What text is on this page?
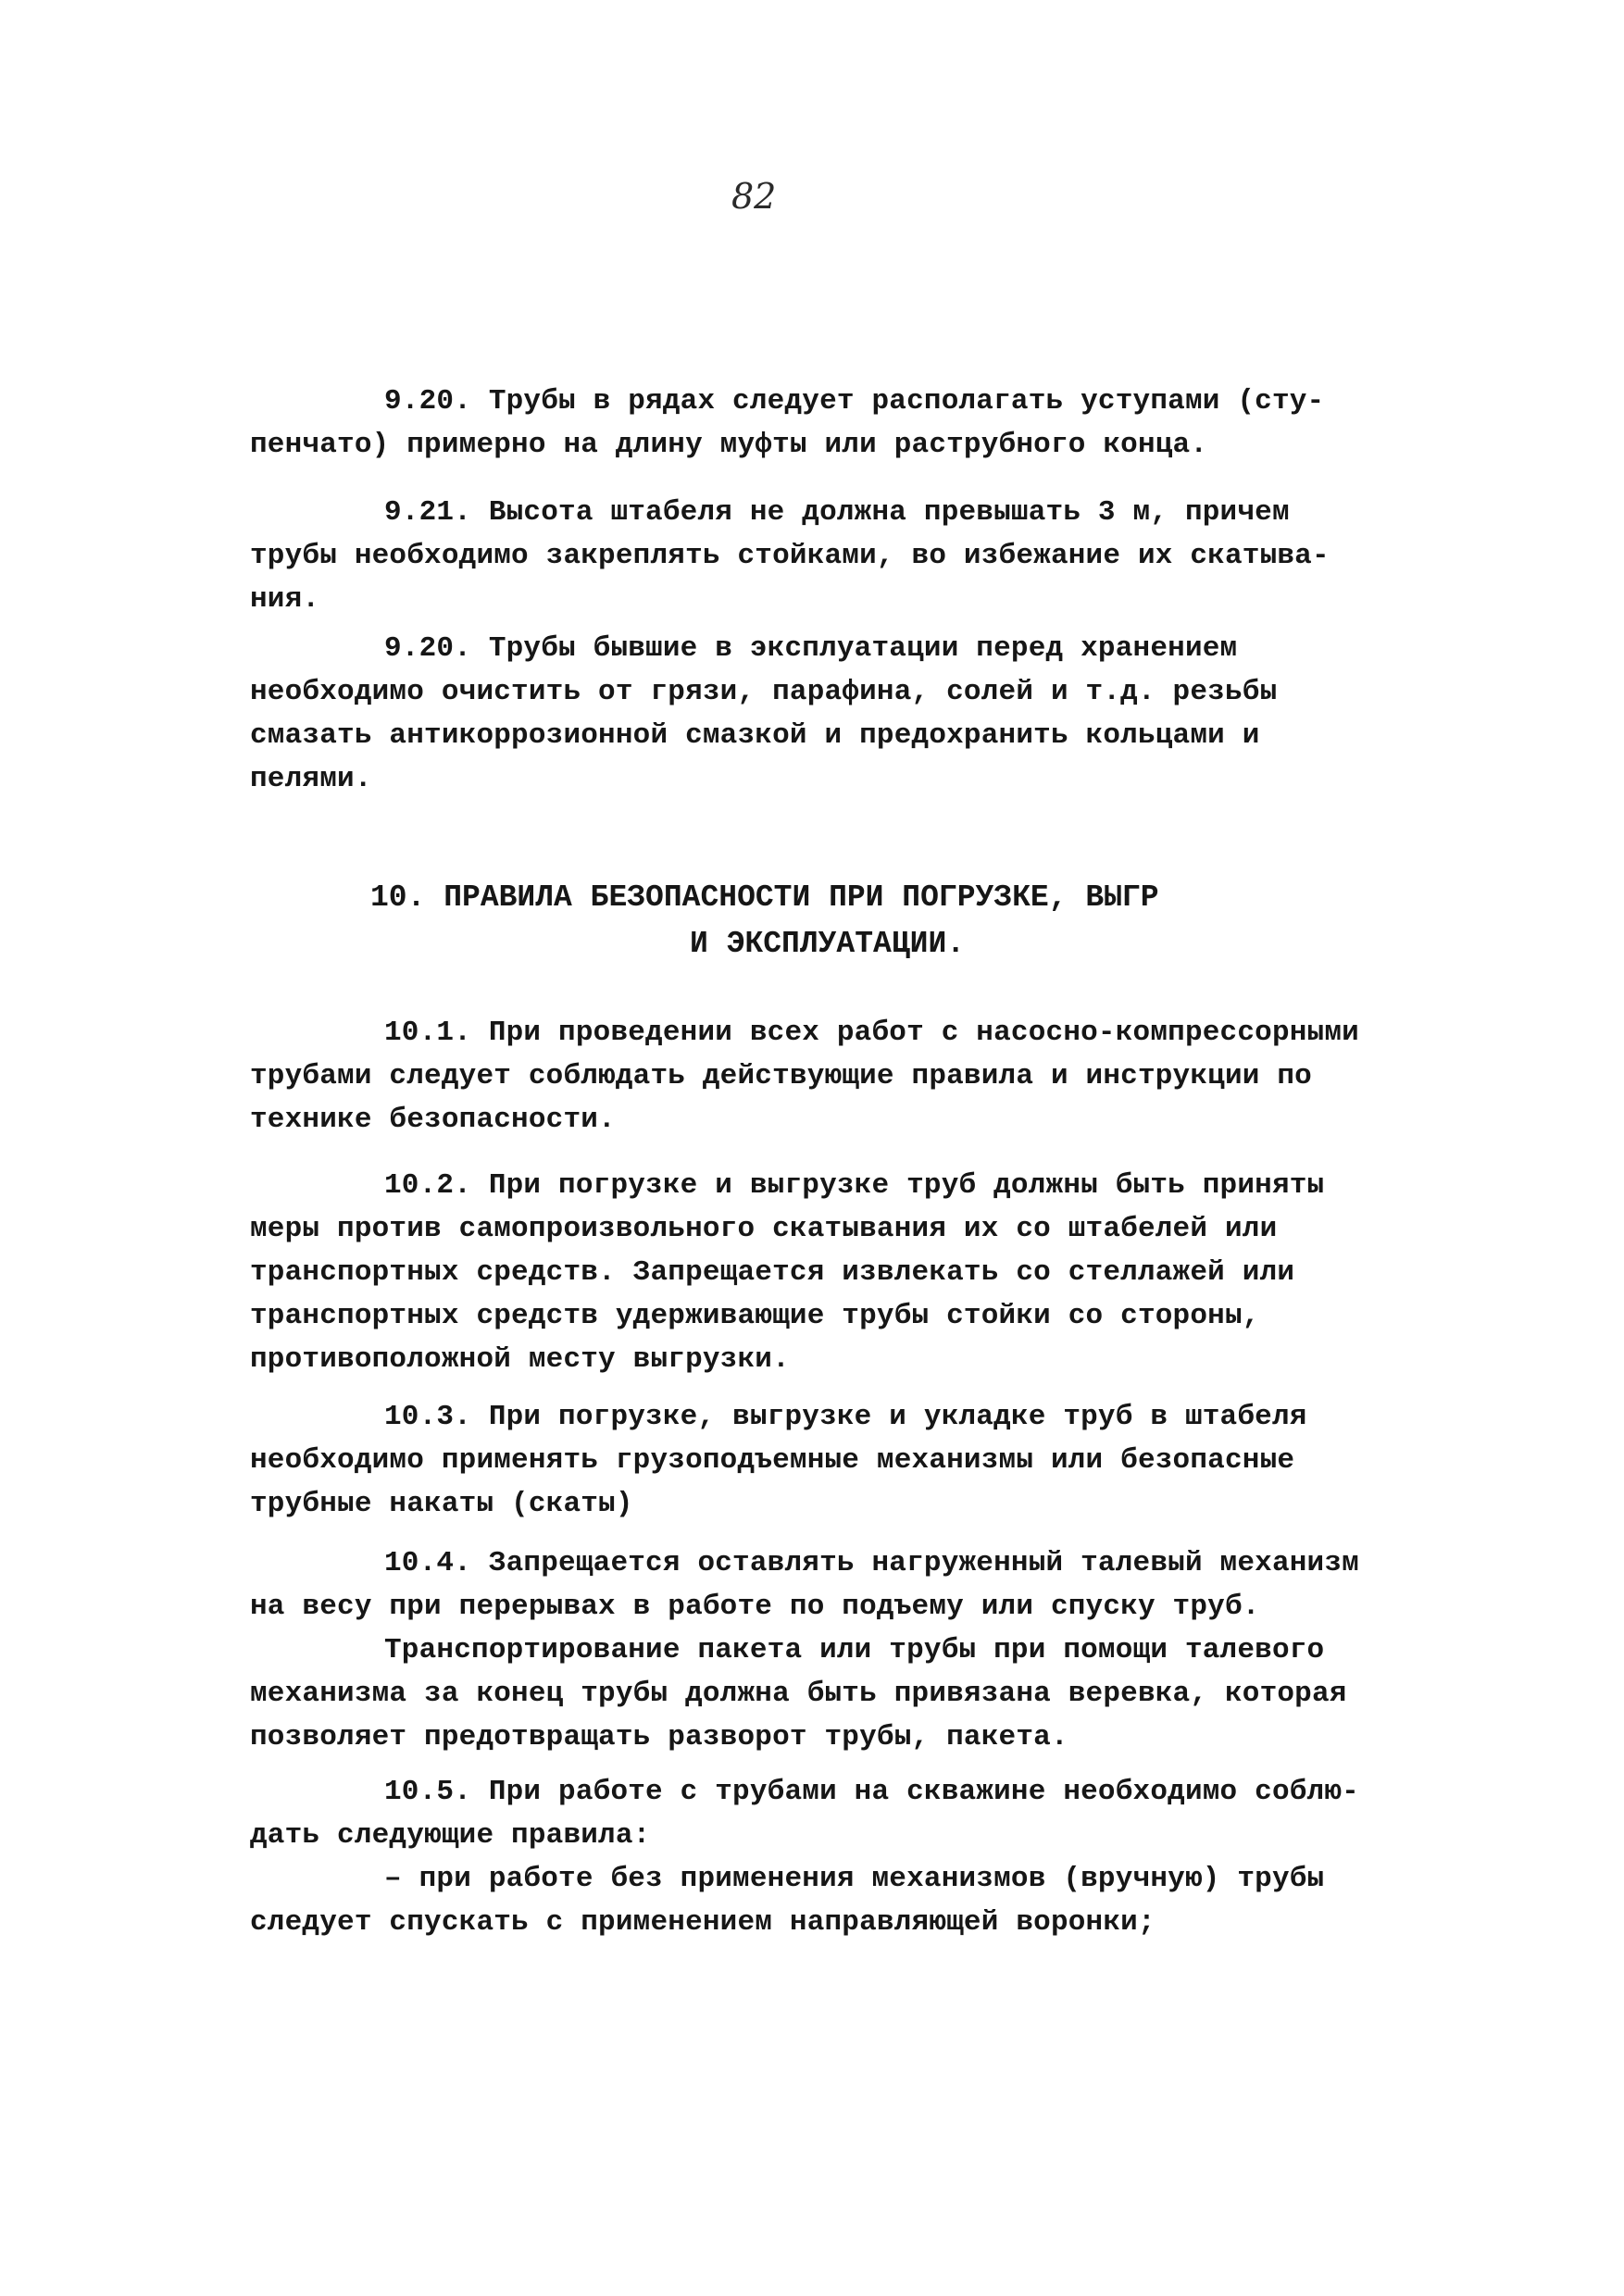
82
9.20. Трубы в рядах следует располагать уступами (сту-
пенчато) примерно на длину муфты или раструбного конца.
9.21. Высота штабеля не должна превышать 3 м, причем
трубы необходимо закреплять стойками, во избежание их скатыва-
ния.
9.20. Трубы бывшие в эксплуатации перед хранением
необходимо очистить от грязи, парафина, солей и т.д. резьбы
смазать антикоррозионной смазкой и предохранить кольцами и
пелями.
10. ПРАВИЛА БЕЗОПАСНОСТИ ПРИ ПОГРУЗКЕ, ВЫГР
И ЭКСПЛУАТАЦИИ.
10.1. При проведении всех работ с насосно-компрессорными
трубами следует соблюдать действующие правила и инструкции по
технике безопасности.
10.2. При погрузке и выгрузке труб должны быть приняты
меры против самопроизвольного скатывания их со штабелей или
транспортных средств. Запрещается извлекать со стеллажей или
транспортных средств удерживающие трубы стойки со стороны,
противоположной месту выгрузки.
10.3. При погрузке, выгрузке и укладке труб в штабеля
необходимо применять грузоподъемные механизмы или безопасные
трубные накаты (скаты)
10.4. Запрещается оставлять нагруженный талевый механизм
на весу при перерывах в работе по подъему или спуску труб.
Транспортирование пакета или трубы при помощи талевого
механизма за конец трубы должна быть привязана веревка, которая
позволяет предотвращать разворот трубы, пакета.
10.5. При работе с трубами на скважине необходимо соблю-
дать следующие правила:
– при работе без применения механизмов (вручную) трубы
следует спускать с применением направляющей воронки;
